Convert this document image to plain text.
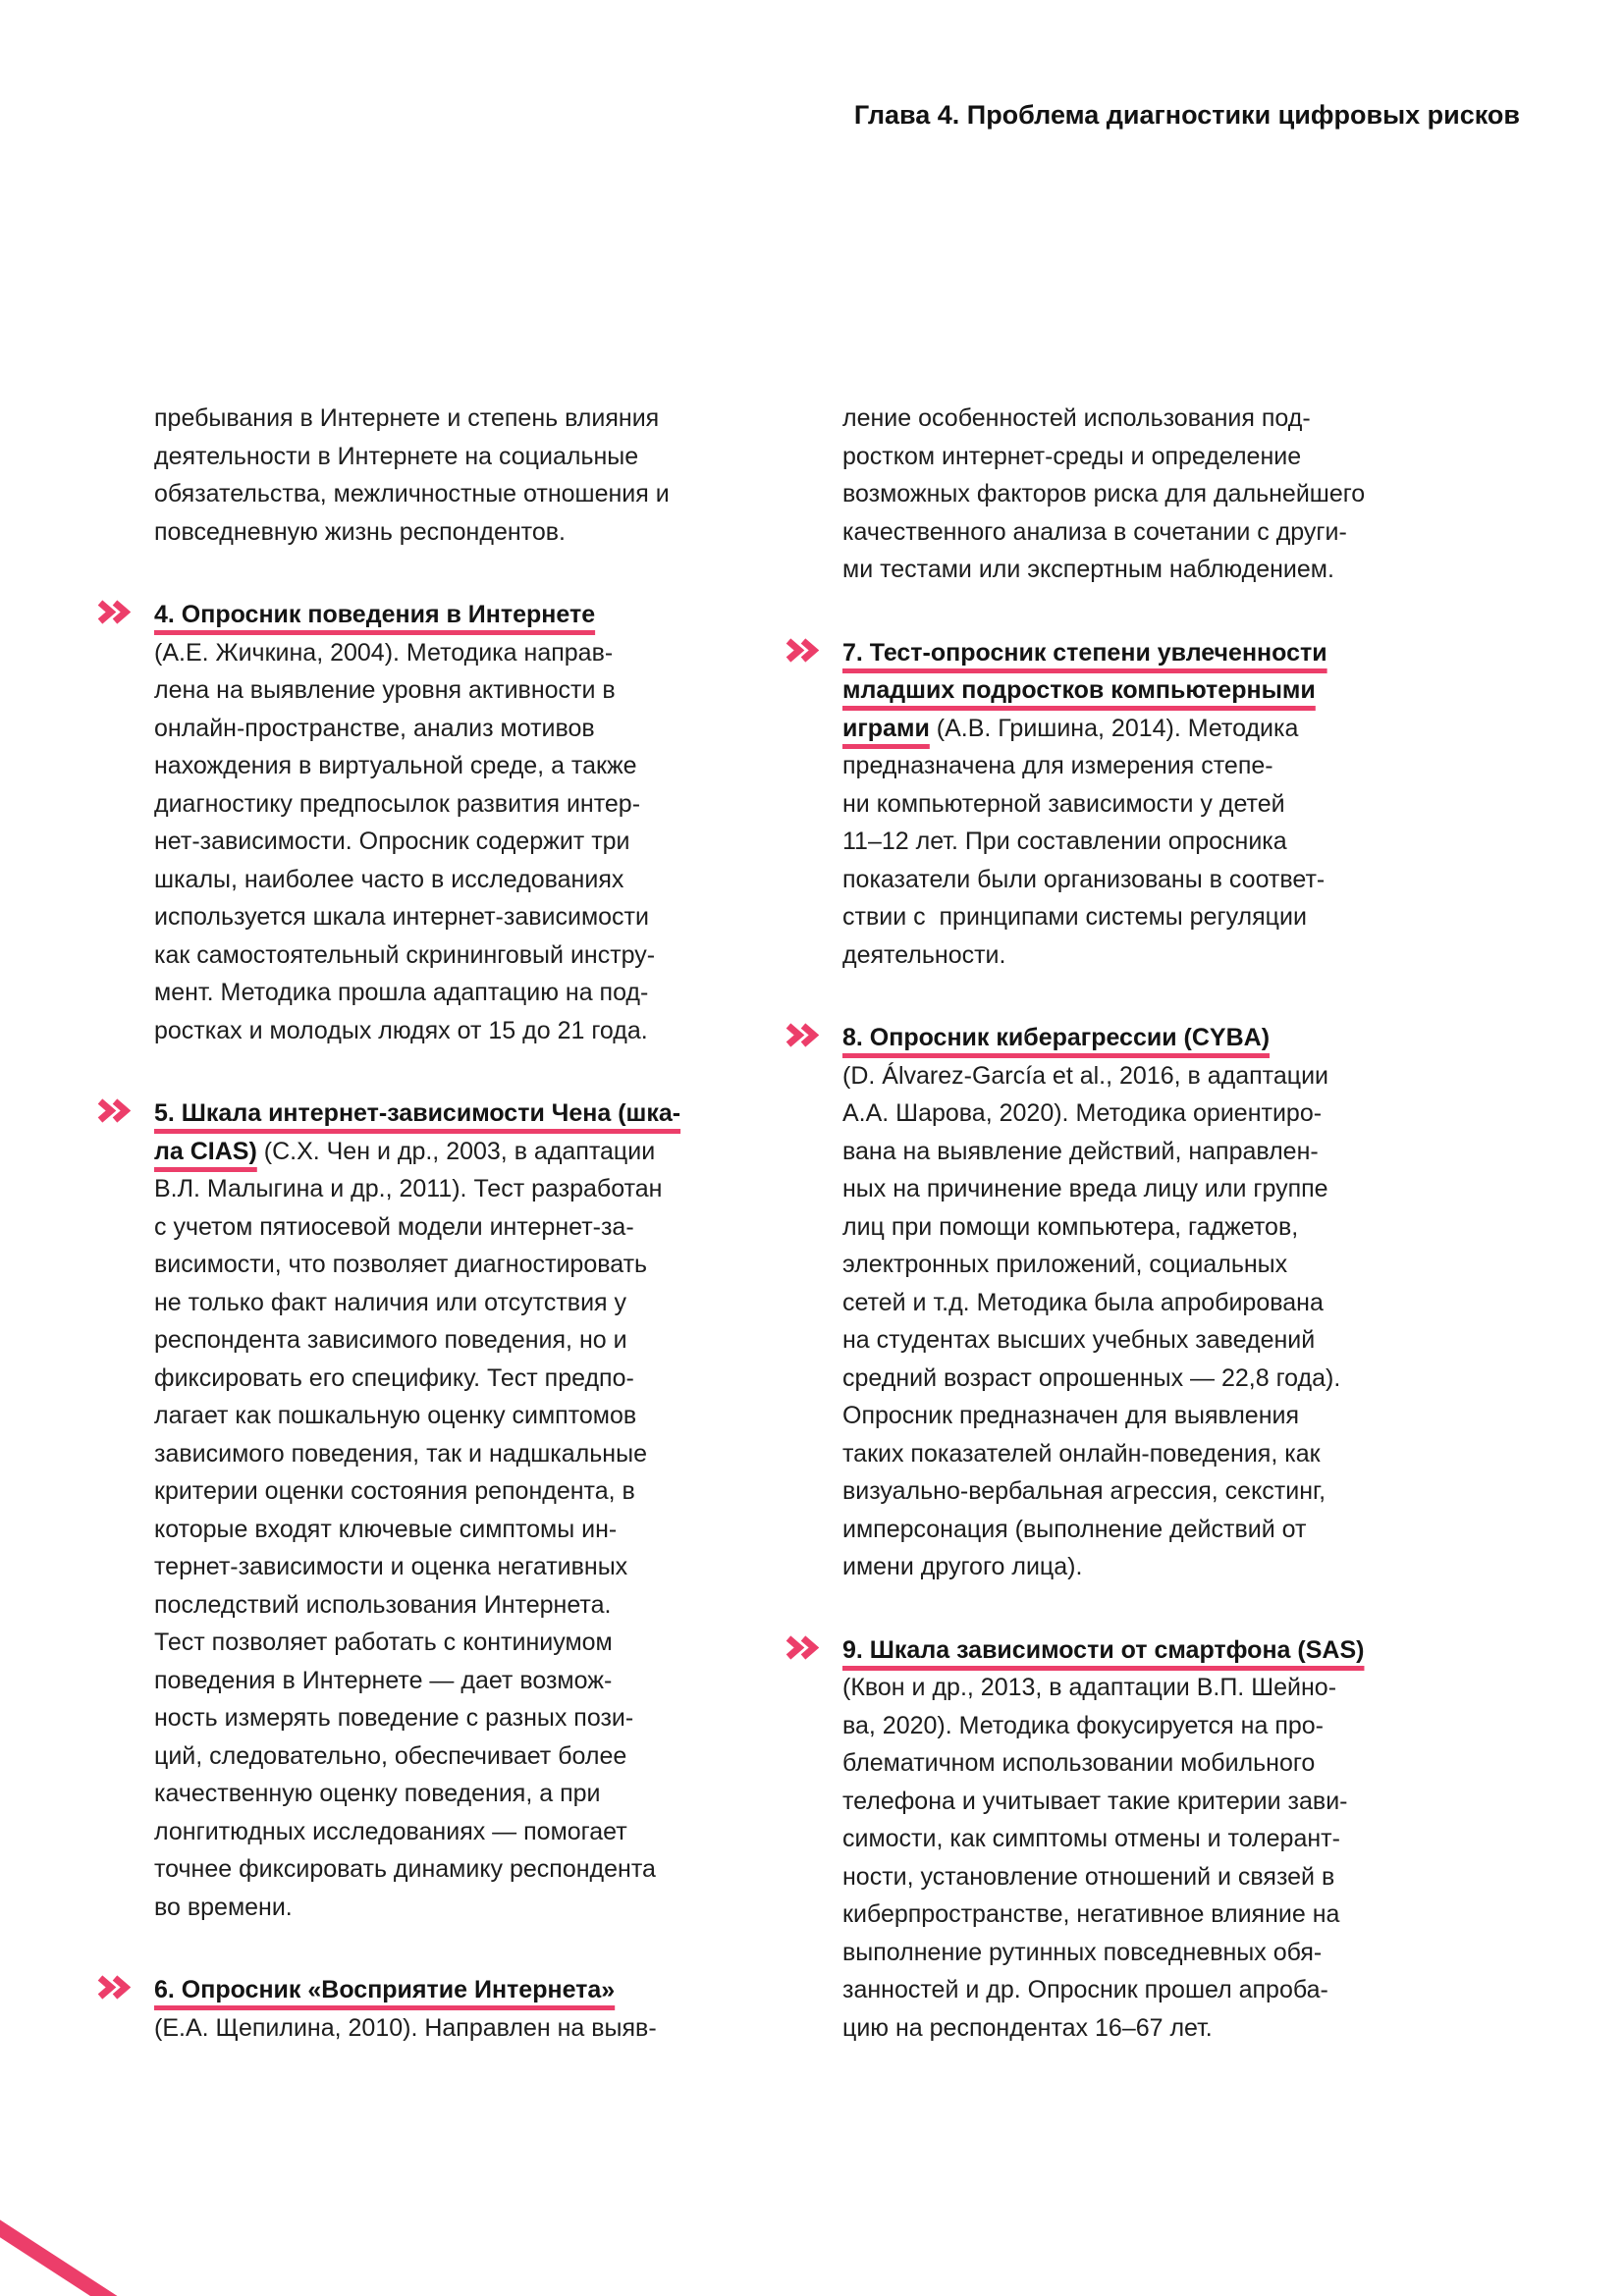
Глава 4. Проблема диагностики цифровых рисков
пребывания в Интернете и степень влияния
деятельности в Интернете на социальные
обязательства, межличностные отношения и
повседневную жизнь респондентов.
4. Опросник поведения в Интернете
(А.Е. Жичкина, 2004). Методика направ-
лена на выявление уровня активности в
онлайн-пространстве, анализ мотивов
нахождения в виртуальной среде, а также
диагностику предпосылок развития интер-
нет-зависимости. Опросник содержит три
шкалы, наиболее часто в исследованиях
используется шкала интернет-зависимости
как самостоятельный скрининговый инстру-
мент. Методика прошла адаптацию на под-
ростках и молодых людях от 15 до 21 года.
5. Шкала интернет-зависимости Чена (шка-
ла CIAS) (С.Х. Чен и др., 2003, в адаптации
В.Л. Малыгина и др., 2011). Тест разработан
с учетом пятиосевой модели интернет-за-
висимости, что позволяет диагностировать
не только факт наличия или отсутствия у
респондента зависимого поведения, но и
фиксировать его специфику. Тест предпо-
лагает как пошкальную оценку симптомов
зависимого поведения, так и надшкальные
критерии оценки состояния репондента, в
которые входят ключевые симптомы ин-
тернет-зависимости и оценка негативных
последствий использования Интернета.
Тест позволяет работать с континиумом
поведения в Интернете — дает возмож-
ность измерять поведение с разных пози-
ций, следовательно, обеспечивает более
качественную оценку поведения, а при
лонгитюдных исследованиях — помогает
точнее фиксировать динамику респондента
во времени.
6. Опросник «Восприятие Интернета»
(Е.А. Щепилина, 2010). Направлен на выяв-
ление особенностей использования под-
ростком интернет-среды и определение
возможных факторов риска для дальнейшего
качественного анализа в сочетании с други-
ми тестами или экспертным наблюдением.
7. Тест-опросник степени увлеченности
младших подростков компьютерными
играми (А.В. Гришина, 2014). Методика
предназначена для измерения степе-
ни компьютерной зависимости у детей
11–12 лет. При составлении опросника
показатели были организованы в соответ-
ствии с  принципами системы регуляции
деятельности.
8. Опросник киберагрессии (CYBA)
(D. Álvarez-García et al., 2016, в адаптации
А.А. Шарова, 2020). Методика ориентиро-
вана на выявление действий, направлен-
ных на причинение вреда лицу или группе
лиц при помощи компьютера, гаджетов,
электронных приложений, социальных
сетей и т.д. Методика была апробирована
на студентах высших учебных заведений
средний возраст опрошенных — 22,8 года).
Опросник предназначен для выявления
таких показателей онлайн-поведения, как
визуально-вербальная агрессия, секстинг,
имперсонация (выполнение действий от
имени другого лица).
9. Шкала зависимости от смартфона (SAS)
(Квон и др., 2013, в адаптации В.П. Шейно-
ва, 2020). Методика фокусируется на про-
блематичном использовании мобильного
телефона и учитывает такие критерии зави-
симости, как симптомы отмены и толерант-
ности, установление отношений и связей в
киберпространстве, негативное влияние на
выполнение рутинных повседневных обя-
занностей и др. Опросник прошел апроба-
цию на респондентах 16–67 лет.
